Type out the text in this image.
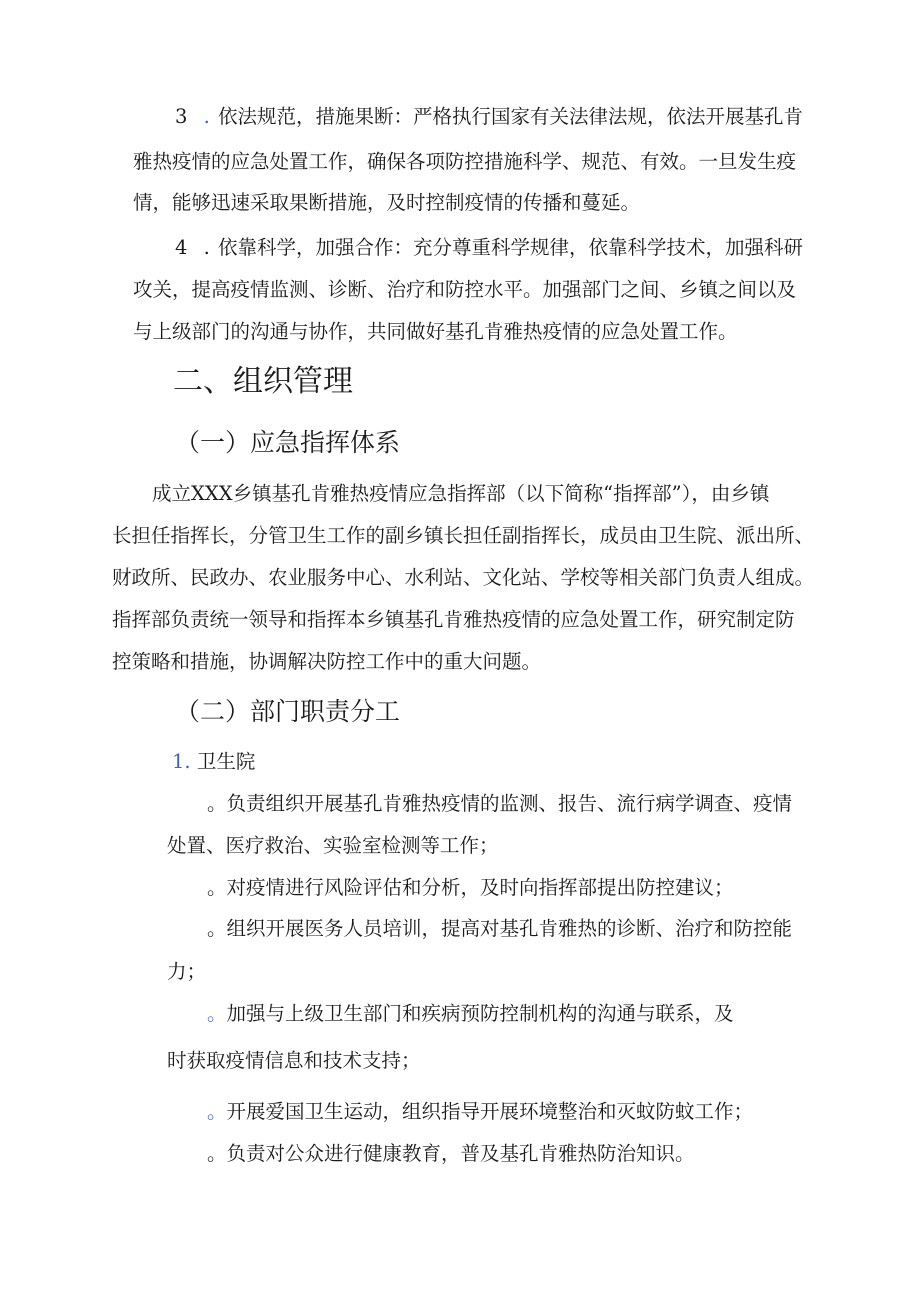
3 . 依法规范，措施果断：严格执行国家有关法律法规，依法开展基孔肯
雅热疫情的应急处置工作，确保各项防控措施科学、规范、有效。一旦发生疫
情，能够迅速采取果断措施，及时控制疫情的传播和蔓延。
4 . 依靠科学，加强合作：充分尊重科学规律，依靠科学技术，加强科研
攻关，提高疫情监测、诊断、治疗和防控水平。加强部门之间、乡镇之间以及
与上级部门的沟通与协作，共同做好基孔肯雅热疫情的应急处置工作。
二、组织管理
（一）应急指挥体系
成立XXX乡镇基孔肯雅热疫情应急指挥部（以下简称“指挥部”），由乡镇
长担任指挥长，分管卫生工作的副乡镇长担任副指挥长，成员由卫生院、派出所、
财政所、民政办、农业服务中心、水利站、文化站、学校等相关部门负责人组成。
指挥部负责统一领导和指挥本乡镇基孔肯雅热疫情的应急处置工作，研究制定防
控策略和措施，协调解决防控工作中的重大问题。
（二）部门职责分工
1. 卫生院
。负责组织开展基孔肯雅热疫情的监测、报告、流行病学调查、疫情
处置、医疗救治、实验室检测等工作；
。对疫情进行风险评估和分析，及时向指挥部提出防控建议；
。组织开展医务人员培训，提高对基孔肯雅热的诊断、治疗和防控能
力；
。加强与上级卫生部门和疾病预防控制机构的沟通与联系，及
时获取疫情信息和技术支持；
。开展爱国卫生运动，组织指导开展环境整治和灭蚊防蚊工作；
。负责对公众进行健康教育，普及基孔肯雅热防治知识。
